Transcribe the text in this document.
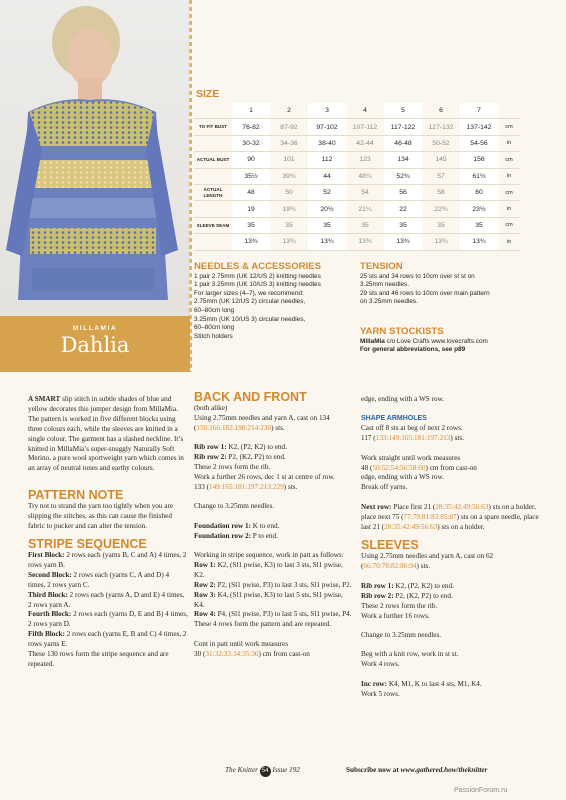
MILLAMIA
Dahlia
SIZE
	1	2	3	4	5	6	7	
TO FIT BUST	76-82	87-92	97-102	107-112	117-122	127-132	137-142	cm
	30-32	34-36	38-40	42-44	46-48	50-52	54-56	in
ACTUAL BUST	90	101	112	123	134	145	156	cm
	35½	39¾	44	48¼	52¾	57	61½	in
ACTUAL LENGTH	48	50	52	54	56	58	60	cm
	19	19¾	20½	21¼	22	22¾	23½	in
SLEEVE SEAM	35	35	35	35	35	35	35	cm
	13¾	13¾	13¾	13¾	13¾	13¾	13¾	in
NEEDLES & ACCESSORIES
1 pair 2.75mm (UK 12/US 2) knitting needles
1 pair 3.25mm (UK 10/US 3) knitting needles
For larger sizes (4–7), we recommend:
2.75mm (UK 12/US 2) circular needles,
60–80cm long
3.25mm (UK 10/US 3) circular needles,
60–80cm long
Stitch holders
TENSION
25 sts and 34 rows to 10cm over st st on
3.25mm needles.
29 sts and 46 rows to 10cm over main pattern
on 3.25mm needles.
YARN STOCKISTS
MillaMia c/o Love Crafts www.lovecrafts.com
For general abbreviations, see p89

A SMART slip stitch in subtle shades of blue and yellow decorates this jumper design from MillaMia. The pattern is worked in five different blocks using three colours each, while the sleeves are knitted in a single colour. The garment has a slashed neckline. It’s knitted in MillaMia’s super-snuggly Naturally Soft Merino, a pure wool sportweight yarn which comes in an array of neutral tones and earthy colours.

PATTERN NOTE

Try not to strand the yarn too tightly when you are slipping the stitches, as this can cause the finished fabric to pucker and can alter the tension.

STRIPE SEQUENCE

First Block: 2 rows each (yarns B, C and A) 4 times, 2 rows yarn B.

Second Block: 2 rows each (yarns C, A and D) 4 times, 2 rows yarn C.

Third Block: 2 rows each (yarns A, D and E) 4 times, 2 rows yarn A.

Fourth Block: 2 rows each (yarns D, E and B) 4 times, 2 rows yarn D.

Fifth Block: 2 rows each (yarns E, B and C) 4 times, 2 rows yarns E.

These 130 rows form the stripe sequence and are repeated.

BACK AND FRONT

(both alike)

Using 2.75mm needles and yarn A, cast on 134 (150:166:182:198:214:230) sts.

Rib row 1: K2, (P2, K2) to end.

Rib row 2: P2, (K2, P2) to end.

These 2 rows form the rib.

Work a further 26 rows, dec 1 st at centre of row.

133 (149:165:181:197:213:229) sts.

Change to 3.25mm needles.

Foundation row 1: K to end.

Foundation row 2: P to end.

Working in stripe sequence, work in patt as follows:

Row 1: K2, (Sl1 pwise, K3) to last 3 sts, Sl1 pwise, K2.

Row 2: P2, (Sl1 pwise, P3) to last 3 sts, Sl1 pwise, P2.

Row 3: K4, (Sl1 pwise, K3) to last 5 sts, Sl1 pwise, K4.

Row 4: P4, (Sl1 pwise, P3) to last 5 sts, Sl1 pwise, P4.

These 4 rows form the pattern and are repeated.

Cont in patt until work measures

30 (31:32:33:34:35:36) cm from cast-on

edge, ending with a WS row.

SHAPE ARMHOLES

Cast off 8 sts at beg of next 2 rows.

117 (133:149:165:181:197:213) sts.

Work straight until work measures

48 (50:52:54:56:58:60) cm from cast-on

edge, ending with a WS row.

Break off yarns.

Next row: Place first 21 (28:35:42:49:56:63) sts on a holder, place next 75 (77:79:81:83:85:87) sts on a spare needle, place last 21 (28:35:42:49:56:63) sts on a holder.

SLEEVES

Using 2.75mm needles and yarn A, cast on 62 (66:70:78:82:86:94) sts.

Rib row 1: K2, (P2, K2) to end.

Rib row 2: P2, (K2, P2) to end.

These 2 rows form the rib.

Work a further 16 rows.

Change to 3.25mm needles.

Beg with a knit row, work in st st.

Work 4 rows.

Inc row: K4, M1, K to last 4 sts, M1, K4.

Work 5 rows.

The Knitter 54 Issue 192	Subscribe now at www.gathered.how/theknitter
PassionForum.ru
